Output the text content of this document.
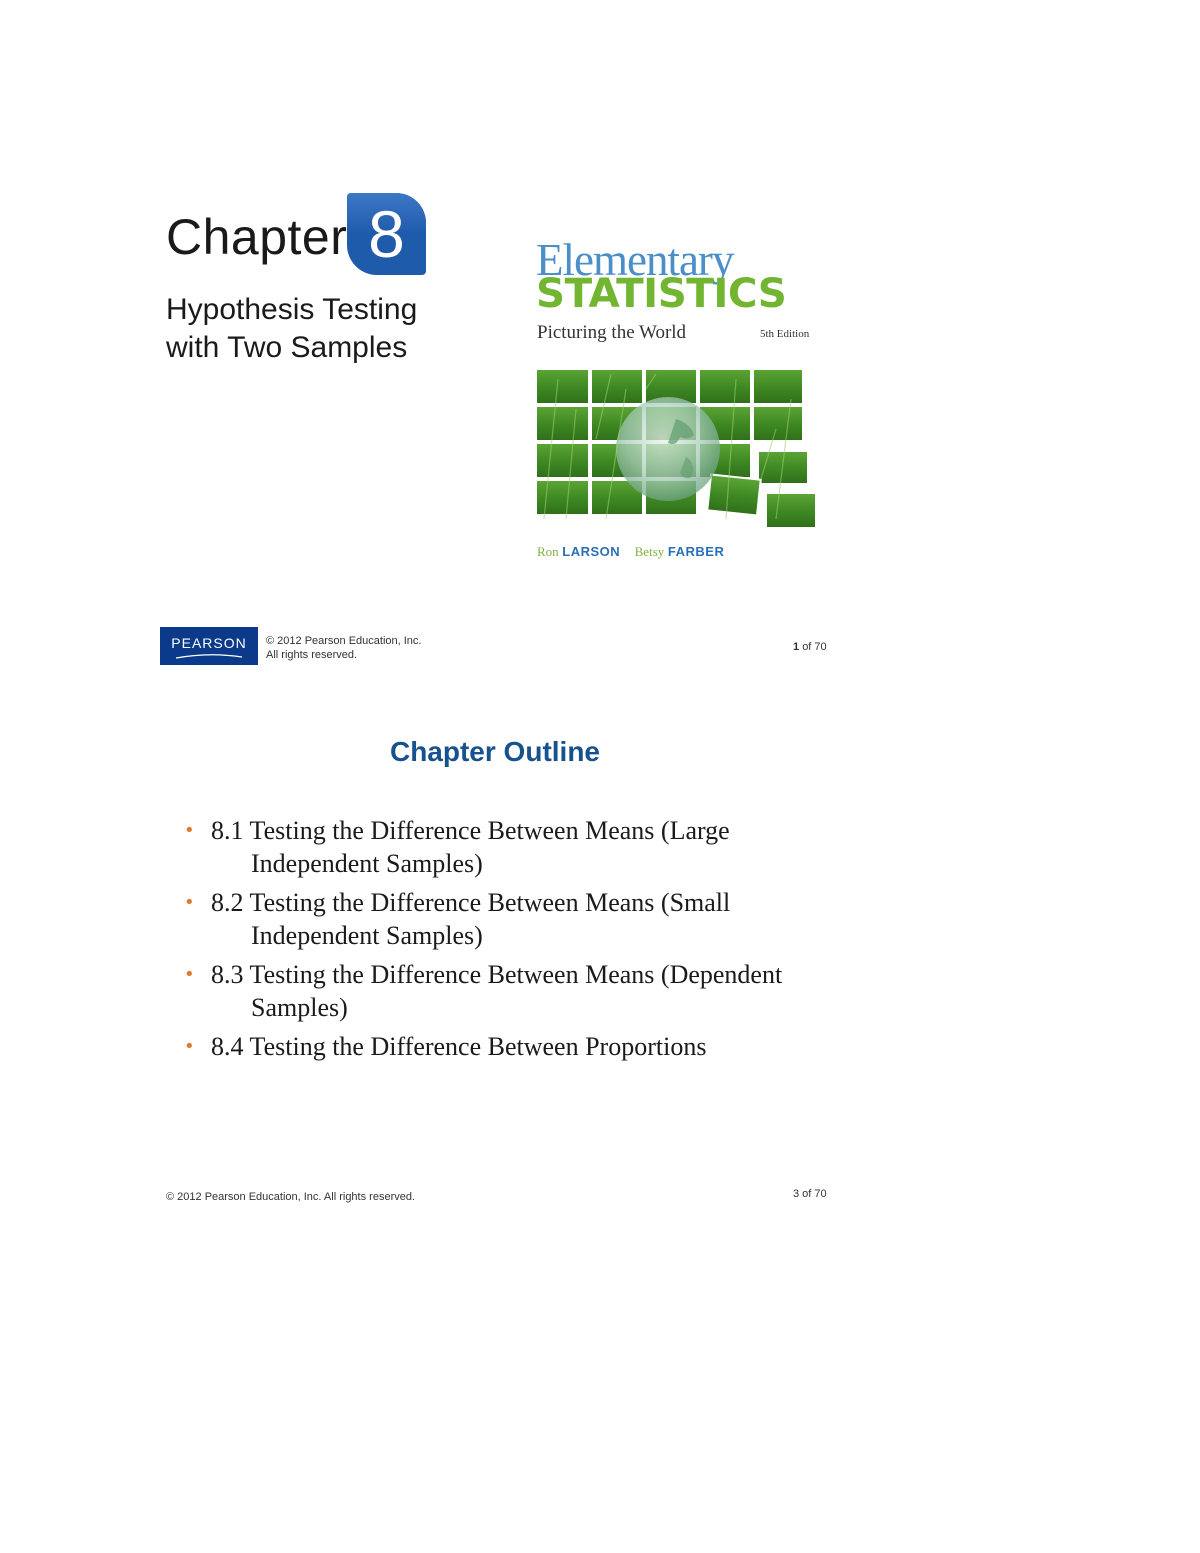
Chapter 8
Hypothesis Testing
with Two Samples
Elementary
STATISTICS
Picturing the World	5th Edition
Ron LARSON Betsy FARBER
PEARSON	© 2012 Pearson Education, Inc.
All rights reserved.
1 of 70
Chapter Outline
• 8.1 Testing the Difference Between Means (Large Independent Samples)
• 8.2 Testing the Difference Between Means (Small Independent Samples)
• 8.3 Testing the Difference Between Means (Dependent Samples)
• 8.4 Testing the Difference Between Proportions
© 2012 Pearson Education, Inc. All rights reserved.	3 of 70
